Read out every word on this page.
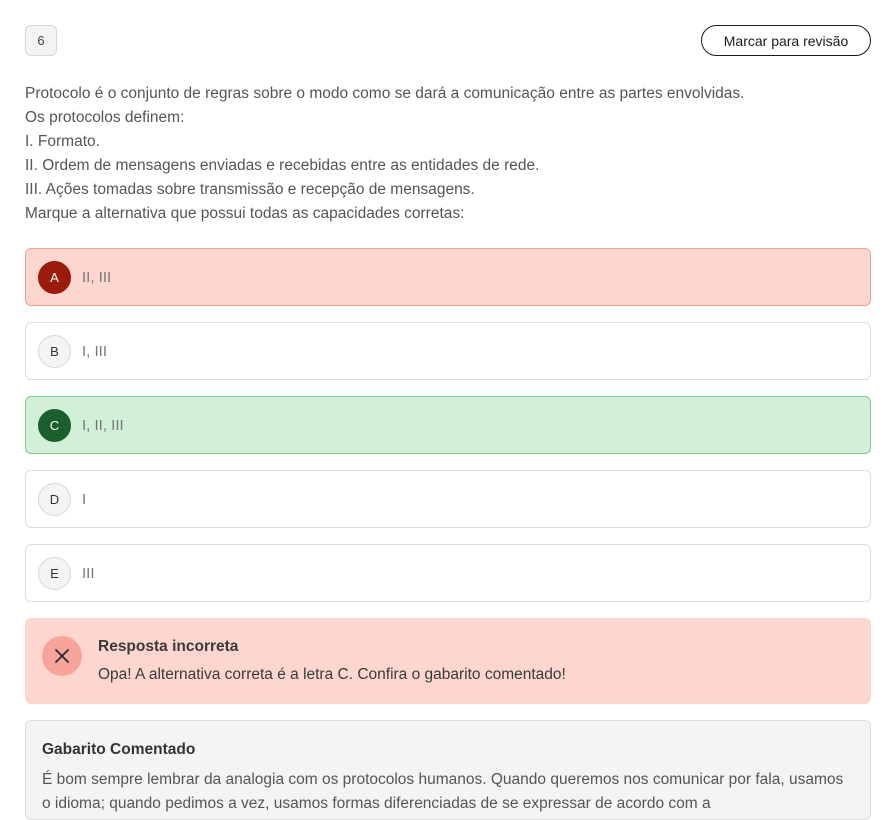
6	Marcar para revisão

Protocolo é o conjunto de regras sobre o modo como se dará a comunicação entre as partes envolvidas.

Os protocolos definem:

I. Formato.

II. Ordem de mensagens enviadas e recebidas entre as entidades de rede.

III. Ações tomadas sobre transmissão e recepção de mensagens.

Marque a alternativa que possui todas as capacidades corretas:

A	II, III
B	I, III
C	I, II, III
D	I
E	III
Resposta incorreta
Opa! A alternativa correta é a letra C. Confira o gabarito comentado!
Gabarito Comentado
É bom sempre lembrar da analogia com os protocolos humanos. Quando queremos nos comunicar por fala, usamos o idioma; quando pedimos a vez, usamos formas diferenciadas de se expressar de acordo com a
